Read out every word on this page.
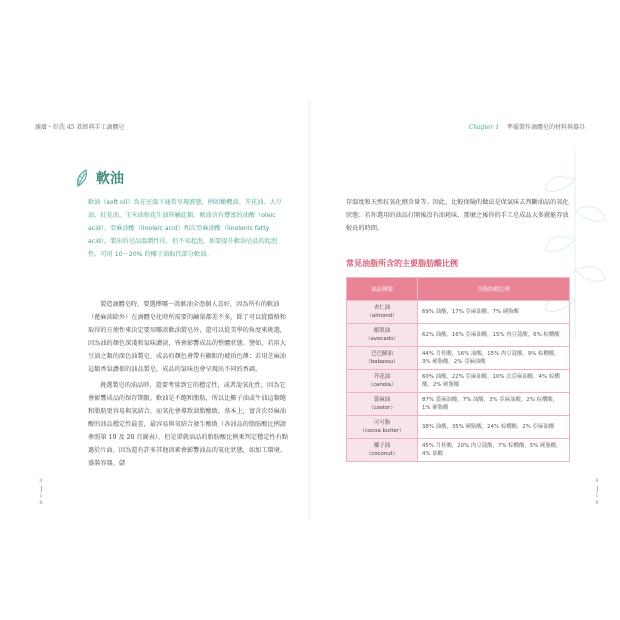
親膚・好洗 45 款經典手工滴體皂	Chapter 1 準備製作滴體皂的材料與器具
軟油
軟油（soft oil）為在室溫下通常呈現液態，例如橄欖油、芥花油、大豆油、紅花油、玉米油和花生油皆屬此類。軟油含有豐富的油酸（oleic acid）、亞麻油酸（linoleic acid）和次亞麻油酸（linolenic fatty acid），製出的皂品溫潤性佳，但不易起泡，如要提升軟油皂品的起泡性，可用 10～20% 的椰子油取代部分軟油。

製造滴體皂時，要選擇哪一款軟油全憑個人喜好，因為所有的軟油（蓖麻油除外）在滴體皂化時所需要的鹼量都差不多，除了可以從價格和取得的方便性來決定要用哪款軟油製皂外，還可以從美學的角度來挑選，因為油的顏色深淺和氣味濃淡，皆會影響成品的整體狀態。譬如，若用大豆油之類的深色油製皂，成品的顏色會帶有顯眼的琥珀色澤；若用芝麻油這類香氣濃郁的油品製皂，成品的氣味也會呈現出不同的香調。

挑選製皂的油品時，還要考量到它的穩定性，或者說氧化性，因為它會影響成品的保存期限。軟油是不飽和脂肪，所以比椰子油或牛油這類飽和脂肪更容易與氧結合，而氧化會導致油脂酸敗。基本上，富含次亞麻油酸的油品穩定性最差，最容易與氧結合發生酸敗（各油品的脂肪酸比例請參照第 19 及 20 頁圖表），但是單就油品的脂肪酸比例來判定穩定性有點過於片面，因為還有許多其他因素會影響油品的氧化狀態，如加工環境、盛裝容器、儲

存溫度和天然抗氧化劑含量等。因此，比較保險的做法是保氣味去判斷油品的氧化狀態；若你選用的油品打開後沒有油耗味，那麼之後你的手工皂成品大多就能存放較長的時間。
常見油脂所含的主要脂肪酸比例
油品種類	各脂肪酸比例
杏仁油
（almond）	69% 油酸，17% 亞麻油酸，7% 硬脂酸
酪梨油
（avocado）	62% 油酸，16% 亞麻油酸，15% 肉豆蔻酸，6% 棕櫚酸
巴巴蘇油
（babassu）	44% 月桂酸，16% 油酸，15% 肉豆蔻酸，9% 棕櫚酸，3% 硬脂酸，2% 亞麻油酸
芥花油
（canola）	60% 油酸，22% 亞麻油酸，10% 次亞麻油酸，4% 棕櫚酸，2% 硬脂酸
蓖麻油
（castor）	87% 蓖麻油酸，7% 油酸，3% 亞麻油酸，2% 棕櫚酸，1% 硬脂酸
可可脂
（cocoa butter）	38% 油酸，35% 硬脂酸，24% 棕櫚酸，2% 亞麻油酸
椰子油
（coconut）	45% 月桂酸，20% 肉豆蔻酸，7% 棕櫚酸，5% 硬脂酸，4% 油酸
0
1
8
0
1
9
